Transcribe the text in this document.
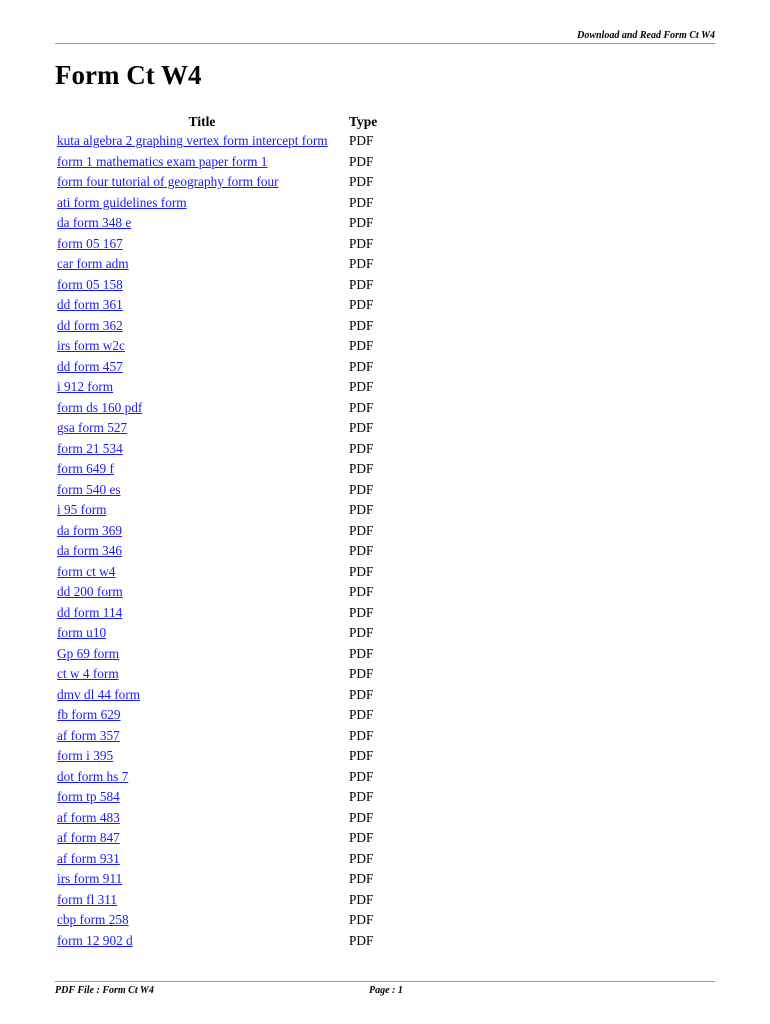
Download and Read Form Ct W4
Form Ct W4
Title	Type
kuta algebra 2 graphing vertex form intercept form	PDF
form 1 mathematics exam paper form 1	PDF
form four tutorial of geography form four	PDF
ati form guidelines form	PDF
da form 348 e	PDF
form 05 167	PDF
car form adm	PDF
form 05 158	PDF
dd form 361	PDF
dd form 362	PDF
irs form w2c	PDF
dd form 457	PDF
i 912 form	PDF
form ds 160 pdf	PDF
gsa form 527	PDF
form 21 534	PDF
form 649 f	PDF
form 540 es	PDF
i 95 form	PDF
da form 369	PDF
da form 346	PDF
form ct w4	PDF
dd 200 form	PDF
dd form 114	PDF
form u10	PDF
Gp 69 form	PDF
ct w 4 form	PDF
dmv dl 44 form	PDF
fb form 629	PDF
af form 357	PDF
form i 395	PDF
dot form hs 7	PDF
form tp 584	PDF
af form 483	PDF
af form 847	PDF
af form 931	PDF
irs form 911	PDF
form fl 311	PDF
cbp form 258	PDF
form 12 902 d	PDF
PDF File : Form Ct W4	Page : 1
